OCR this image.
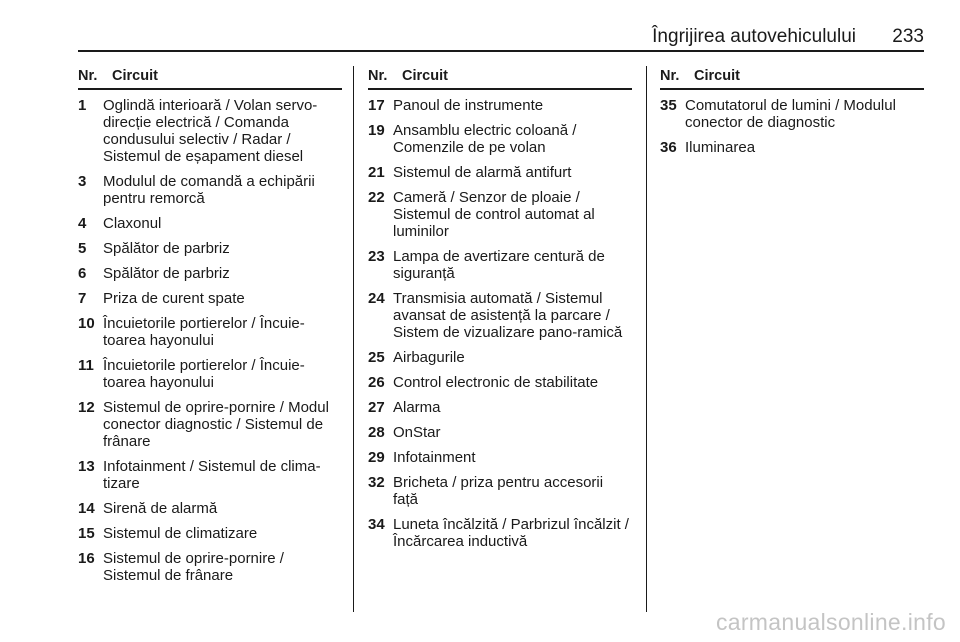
Îngrijirea autovehiculului 233
Nr.	Circuit
1	Oglindă interioară / Volan servo-direcție electrică / Comanda condusului selectiv / Radar / Sistemul de eșapament diesel
3	Modulul de comandă a echipării pentru remorcă
4	Claxonul
5	Spălător de parbriz
6	Spălător de parbriz
7	Priza de curent spate
10 Încuietorile portierelor / Încuie-toarea hayonului
11 Încuietorile portierelor / Încuie-toarea hayonului
12 Sistemul de oprire-pornire / Modul conector diagnostic / Sistemul de frânare
13 Infotainment / Sistemul de clima-tizare
14 Sirenă de alarmă
15 Sistemul de climatizare
16 Sistemul de oprire-pornire / Sistemul de frânare
Nr.	Circuit
17 Panoul de instrumente
19 Ansamblu electric coloană / Comenzile de pe volan
21 Sistemul de alarmă antifurt
22 Cameră / Senzor de ploaie / Sistemul de control automat al luminilor
23 Lampa de avertizare centură de siguranță
24 Transmisia automată / Sistemul avansat de asistență la parcare / Sistem de vizualizare pano-ramică
25 Airbagurile
26 Control electronic de stabilitate
27 Alarma
28 OnStar
29 Infotainment
32 Bricheta / priza pentru accesorii față
34 Luneta încălzită / Parbrizul încălzit / Încărcarea inductivă
Nr.	Circuit
35 Comutatorul de lumini / Modulul conector de diagnostic
36 Iluminarea
carmanualsonline.info
